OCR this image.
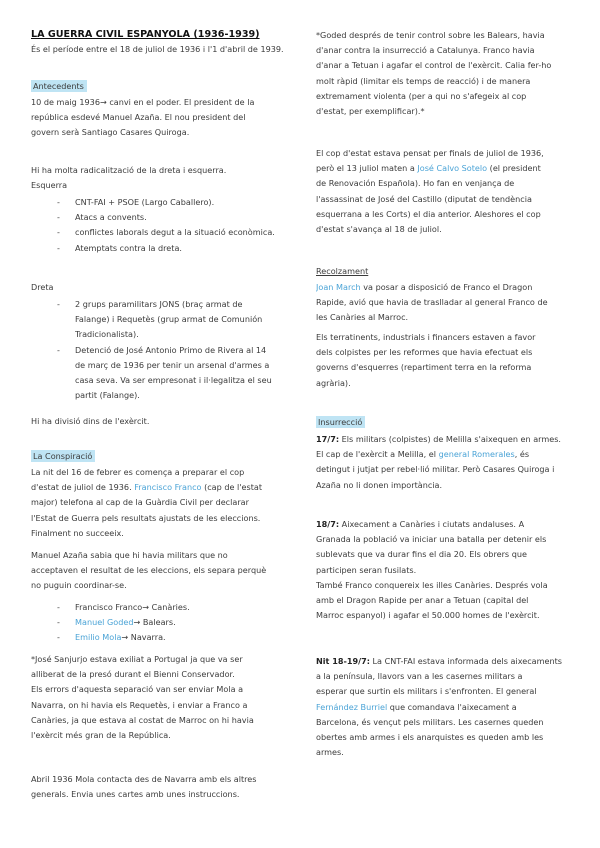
LA GUERRA CIVIL ESPANYOLA (1936-1939)

És el període entre el 18 de juliol de 1936 i l'1 d'abril de 1939.

Antecedents
10 de maig 1936→ canvi en el poder. El president de la
república esdevé Manuel Azaña. El nou president del
govern serà Santiago Casares Quiroga.
Hi ha molta radicalització de la dreta i esquerra.
Esquerra
- CNT-FAI + PSOE (Largo Caballero).
- Atacs a convents.
- conflictes laborals degut a la situació econòmica.
- Atemptats contra la dreta.
Dreta
- 2 grups paramilitars JONS (braç armat de
Falange) i Requetès (grup armat de Comunión
Tradicionalista).
- Detenció de José Antonio Primo de Rivera al 14
de març de 1936 per tenir un arsenal d'armes a
casa seva. Va ser empresonat i il·legalitza el seu
partit (Falange).
Hi ha divisió dins de l'exèrcit.
La Conspiració
La nit del 16 de febrer es comença a preparar el cop
d'estat de juliol de 1936. Francisco Franco (cap de l'estat
major) telefona al cap de la Guàrdia Civil per declarar
l'Estat de Guerra pels resultats ajustats de les eleccions.
Finalment no succeeix.
Manuel Azaña sabia que hi havia militars que no
acceptaven el resultat de les eleccions, els separa perquè
no puguin coordinar-se.
- Francisco Franco→ Canàries.
- Manuel Goded→ Balears.
- Emilio Mola→ Navarra.
*José Sanjurjo estava exiliat a Portugal ja que va ser
alliberat de la presó durant el Bienni Conservador.
Els errors d'aquesta separació van ser enviar Mola a
Navarra, on hi havia els Requetès, i enviar a Franco a
Canàries, ja que estava al costat de Marroc on hi havia
l'exèrcit més gran de la República.
Abril 1936 Mola contacta des de Navarra amb els altres
generals. Envia unes cartes amb unes instruccions.
*Goded després de tenir control sobre les Balears, havia
d'anar contra la insurrecció a Catalunya. Franco havia
d'anar a Tetuan i agafar el control de l'exèrcit. Calia fer-ho
molt ràpid (limitar els temps de reacció) i de manera
extremament violenta (per a qui no s'afegeix al cop
d'estat, per exemplificar).*
El cop d'estat estava pensat per finals de juliol de 1936,
però el 13 juliol maten a José Calvo Sotelo (el president
de Renovación Española). Ho fan en venjança de
l'assassinat de José del Castillo (diputat de tendència
esquerrana a les Corts) el dia anterior. Aleshores el cop
d'estat s'avança al 18 de juliol.
Recolzament
Joan March va posar a disposició de Franco el Dragon
Rapide, avió que havia de traslladar al general Franco de
les Canàries al Marroc.
Els terratinents, industrials i financers estaven a favor
dels colpistes per les reformes que havia efectuat els
governs d'esquerres (repartiment terra en la reforma
agrària).
Insurrecció
17/7: Els militars (colpistes) de Melilla s'aixequen en armes.
El cap de l'exèrcit a Melilla, el general Romerales, és
detingut i jutjat per rebel·lió militar. Però Casares Quiroga i
Azaña no li donen importància.
18/7: Aixecament a Canàries i ciutats andaluses. A
Granada la població va iniciar una batalla per detenir els
sublevats que va durar fins el dia 20. Els obrers que
participen seran fusilats.
També Franco conquereix les illes Canàries. Després vola
amb el Dragon Rapide per anar a Tetuan (capital del
Marroc espanyol) i agafar el 50.000 homes de l'exèrcit.
Nit 18-19/7: La CNT-FAI estava informada dels aixecaments
a la península, llavors van a les casernes militars a
esperar que surtin els militars i s'enfronten. El general
Fernández Burriel que comandava l'aixecament a
Barcelona, és vençut pels militars. Les casernes queden
obertes amb armes i els anarquistes es queden amb les
armes.
